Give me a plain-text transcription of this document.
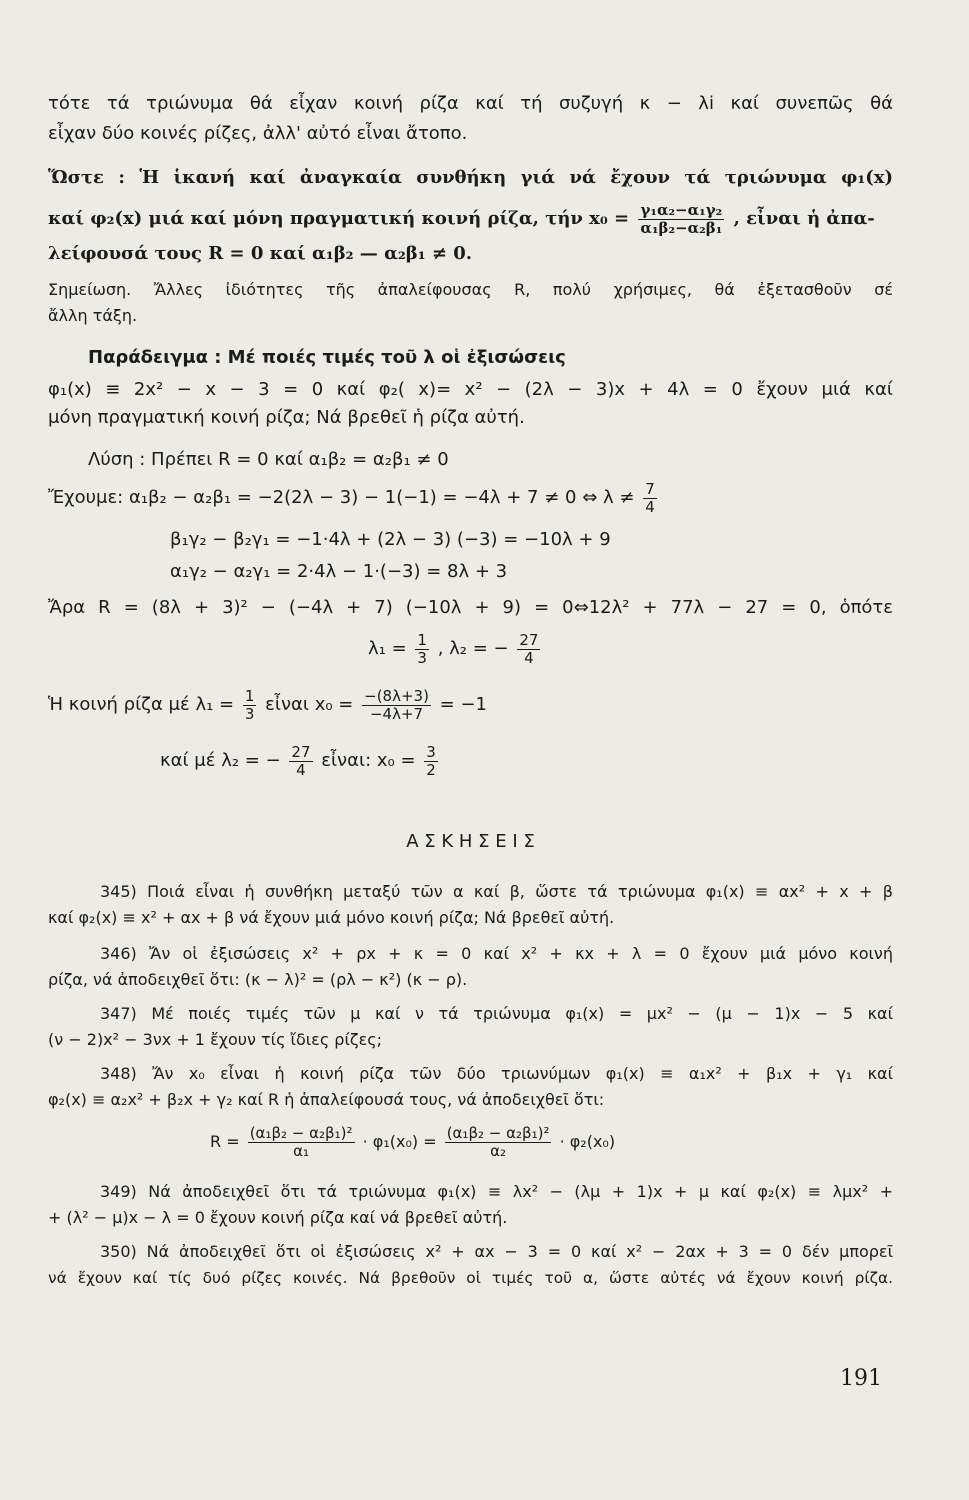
τότε τά τριώνυμα θά εἶχαν κοινή ρίζα καί τή συζυγή κ − λi καί συνεπῶς θά
εἶχαν δύο κοινές ρίζες, ἀλλ' αὐτό εἶναι ἄτοπο.
Ὥστε : Ἡ ἱκανή καί ἀναγκαία συνθήκη γιά νά ἔχουν τά τριώνυμα φ₁(x)
καί φ₂(x) μιά καί μόνη πραγματική κοινή ρίζα, τήν $x_0 = \frac{\text{γ₁α₂−α₁γ₂}}{\text{α₁β₂−α₂β₁}}$ , εἶναι ἡ ἀπα-
λείφουσά τους R = 0 καί α₁β₂ — α₂β₁ ≠ 0.
Σημείωση. Ἄλλες ἰδιότητες τῆς ἀπαλείφουσας R, πολύ χρήσιμες, θά ἐξετασθοῦν σέ
ἄλλη τάξη.
Παράδειγμα : Μέ ποιές τιμές τοῦ λ οἱ ἐξισώσεις
φ₁(x) ≡ 2x² − x − 3 = 0 καί φ₂( x)= x² − (2λ − 3)x + 4λ = 0 ἔχουν μιά καί
μόνη πραγματική κοινή ρίζα; Νά βρεθεῖ ἡ ρίζα αὐτή.
Λύση : Πρέπει R = 0 καί α₁β₂ = α₂β₁ ≠ 0
Ἔχουμε: α₁β₂ − α₂β₁ = −2(2λ − 3) − 1(−1) = −4λ + 7 ≠ 0 ⇔ $\lambda \ne \frac{7}{4}$
β₁γ₂ − β₂γ₁ = −1·4λ + (2λ − 3) (−3) = −10λ + 9
α₁γ₂ − α₂γ₁ = 2·4λ − 1·(−3) = 8λ + 3
Ἄρα R = (8λ + 3)² − (−4λ + 7) (−10λ + 9) = 0⇔12λ² + 77λ − 27 = 0, ὁπότε
$\lambda_1 = \frac{1}{3}$ , λ₂ = − $\frac{27}{4}$
Ἡ κοινή ρίζα μέ $\lambda_1 = \frac{1}{3}$ εἶναι $x_0 = \frac{-(8\lambda+3)}{-4\lambda+7} = -1$
καί μέ λ₂ = − $\frac{27}{4}$ εἶναι: $x_0 = \frac{3}{2}$
Α Σ Κ Η Σ Ε Ι Σ
345) Ποιά εἶναι ἡ συνθήκη μεταξύ τῶν α καί β, ὥστε τά τριώνυμα φ₁(x) ≡ αx² + x + β
καί φ₂(x) ≡ x² + αx + β νά ἔχουν μιά μόνο κοινή ρίζα; Νά βρεθεῖ αὐτή.
346) Ἄν οἱ ἐξισώσεις x² + ρx + κ = 0 καί x² + κx + λ = 0 ἔχουν μιά μόνο κοινή
ρίζα, νά ἀποδειχθεῖ ὅτι: (κ − λ)² = (ρλ − κ²) (κ − ρ).
347) Μέ ποιές τιμές τῶν μ καί ν τά τριώνυμα φ₁(x) = μx² − (μ − 1)x − 5 καί
(ν − 2)x² − 3νx + 1 ἔχουν τίς ἴδιες ρίζες;
348) Ἄν x₀ εἶναι ἡ κοινή ρίζα τῶν δύο τριωνύμων φ₁(x) ≡ α₁x² + β₁x + γ₁ καί
φ₂(x) ≡ α₂x² + β₂x + γ₂ καί R ἡ ἀπαλείφουσά τους, νά ἀποδειχθεῖ ὅτι:
$R = \frac{\text{(α₁β₂ − α₂β₁)²}}{\text{α₁}} \cdot \varphi_1(x_0) = \frac{\text{(α₁β₂ − α₂β₁)²}}{\text{α₂}} \cdot \varphi_2(x_0)$
349) Νά ἀποδειχθεῖ ὅτι τά τριώνυμα φ₁(x) ≡ λx² − (λμ + 1)x + μ καί φ₂(x) ≡ λμx² +
+ (λ² − μ)x − λ = 0 ἔχουν κοινή ρίζα καί νά βρεθεῖ αὐτή.
350) Νά ἀποδειχθεῖ ὅτι οἱ ἐξισώσεις x² + αx − 3 = 0 καί x² − 2αx + 3 = 0 δέν μπορεῖ
νά ἔχουν καί τίς δυό ρίζες κοινές. Νά βρεθοῦν οἱ τιμές τοῦ α, ὥστε αὐτές νά ἔχουν κοινή ρίζα.
191
